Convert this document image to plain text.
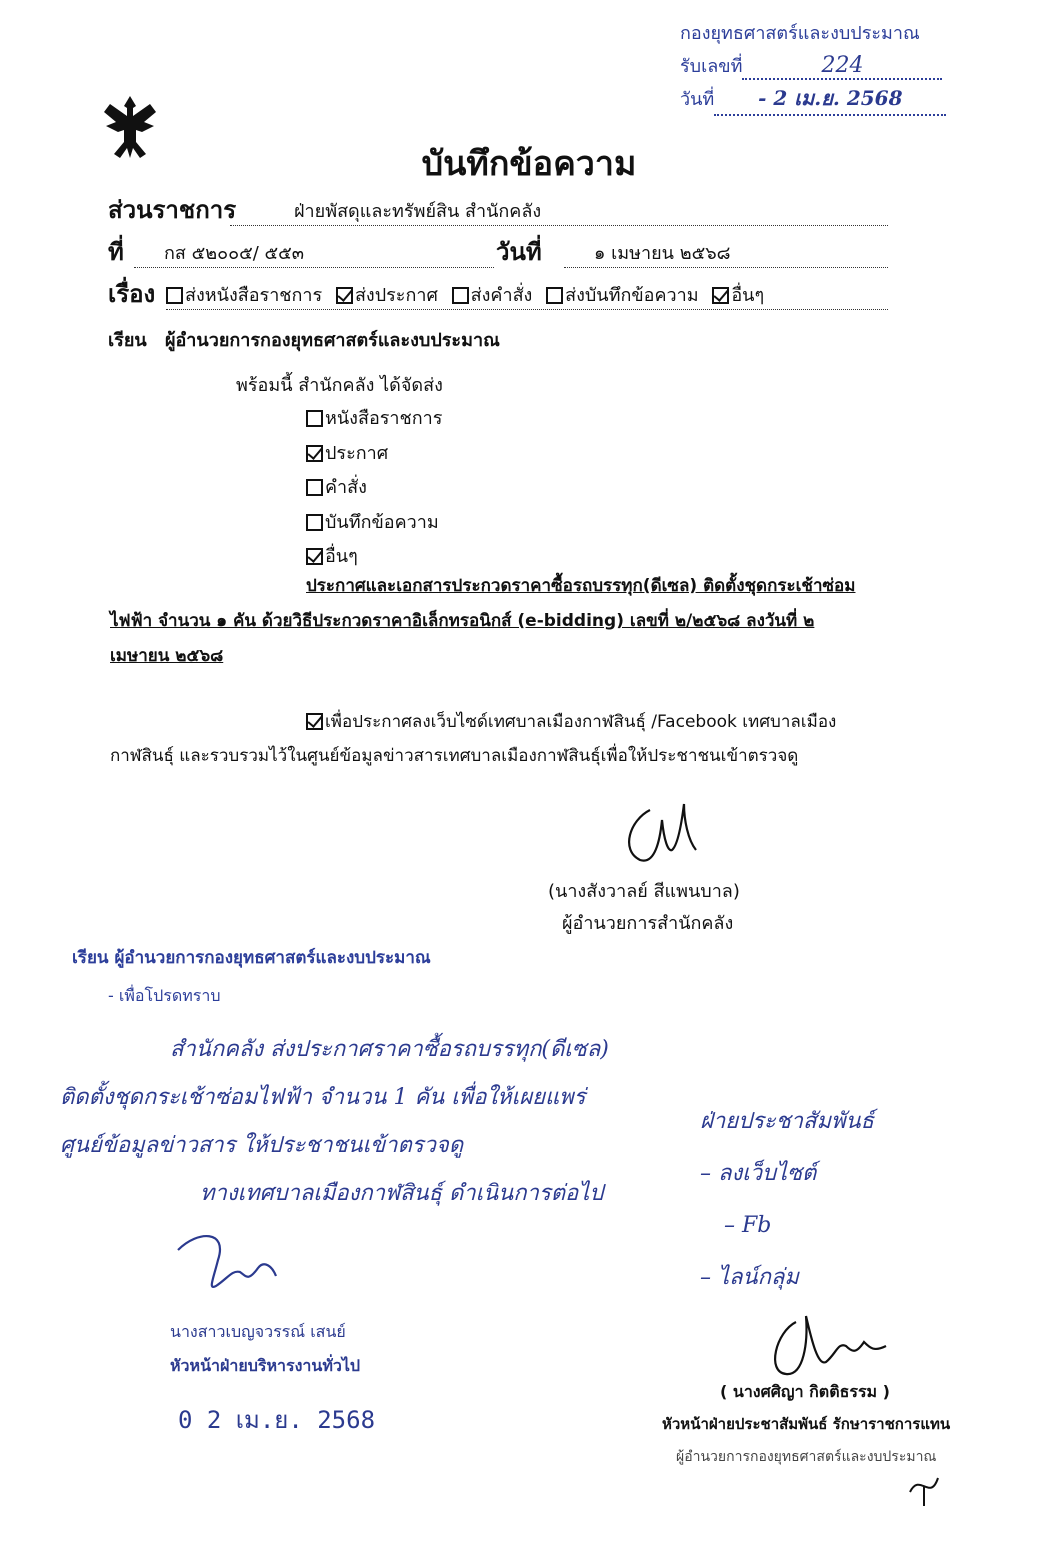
กองยุทธศาสตร์และงบประมาณ
รับเลขที่	224
วันที่ - 2 เม.ย. 2568
บันทึกข้อความ
ส่วนราชการ	ฝ่ายพัสดุและทรัพย์สิน สำนักคลัง
ที่	กส ๕๒๐๐๕/ ๕๕๓	วันที่	๑ เมษายน ๒๕๖๘
เรื่อง	ส่งหนังสือราชการ ส่งประกาศ ส่งคำสั่ง ส่งบันทึกข้อความ อื่นๆ
เรียน ผู้อำนวยการกองยุทธศาสตร์และงบประมาณ
พร้อมนี้ สำนักคลัง ได้จัดส่ง
หนังสือราชการ
ประกาศ
คำสั่ง
บันทึกข้อความ
อื่นๆ
ประกาศและเอกสารประกวดราคาซื้อรถบรรทุก(ดีเซล) ติดตั้งชุดกระเช้าซ่อม
ไฟฟ้า จำนวน ๑ คัน ด้วยวิธีประกวดราคาอิเล็กทรอนิกส์ (e-bidding) เลขที่ ๒/๒๕๖๘ ลงวันที่ ๒
เมษายน ๒๕๖๘
เพื่อประกาศลงเว็บไซด์เทศบาลเมืองกาฬสินธุ์ /Facebook เทศบาลเมือง
กาฬสินธุ์ และรวบรวมไว้ในศูนย์ข้อมูลข่าวสารเทศบาลเมืองกาฬสินธุ์เพื่อให้ประชาชนเข้าตรวจดู
(นางสังวาลย์ สีแพนบาล)
ผู้อำนวยการสำนักคลัง
เรียน ผู้อำนวยการกองยุทธศาสตร์และงบประมาณ
- เพื่อโปรดทราบ
สำนักคลัง ส่งประกาศราคาซื้อรถบรรทุก(ดีเซล)
ติดตั้งชุดกระเช้าซ่อมไฟฟ้า จำนวน 1 คัน เพื่อให้เผยแพร่
ศูนย์ข้อมูลข่าวสาร ให้ประชาชนเข้าตรวจดู
ทางเทศบาลเมืองกาฬสินธุ์ ดำเนินการต่อไป
ฝ่ายประชาสัมพันธ์
– ลงเว็บไซต์
– Fb
– ไลน์กลุ่ม
นางสาวเบญจวรรณ์ เสนย์
หัวหน้าฝ่ายบริหารงานทั่วไป
0 2 เม.ย. 2568
( นางศศิญา กิตติธรรม )
หัวหน้าฝ่ายประชาสัมพันธ์ รักษาราชการแทน
ผู้อำนวยการกองยุทธศาสตร์และงบประมาณ
